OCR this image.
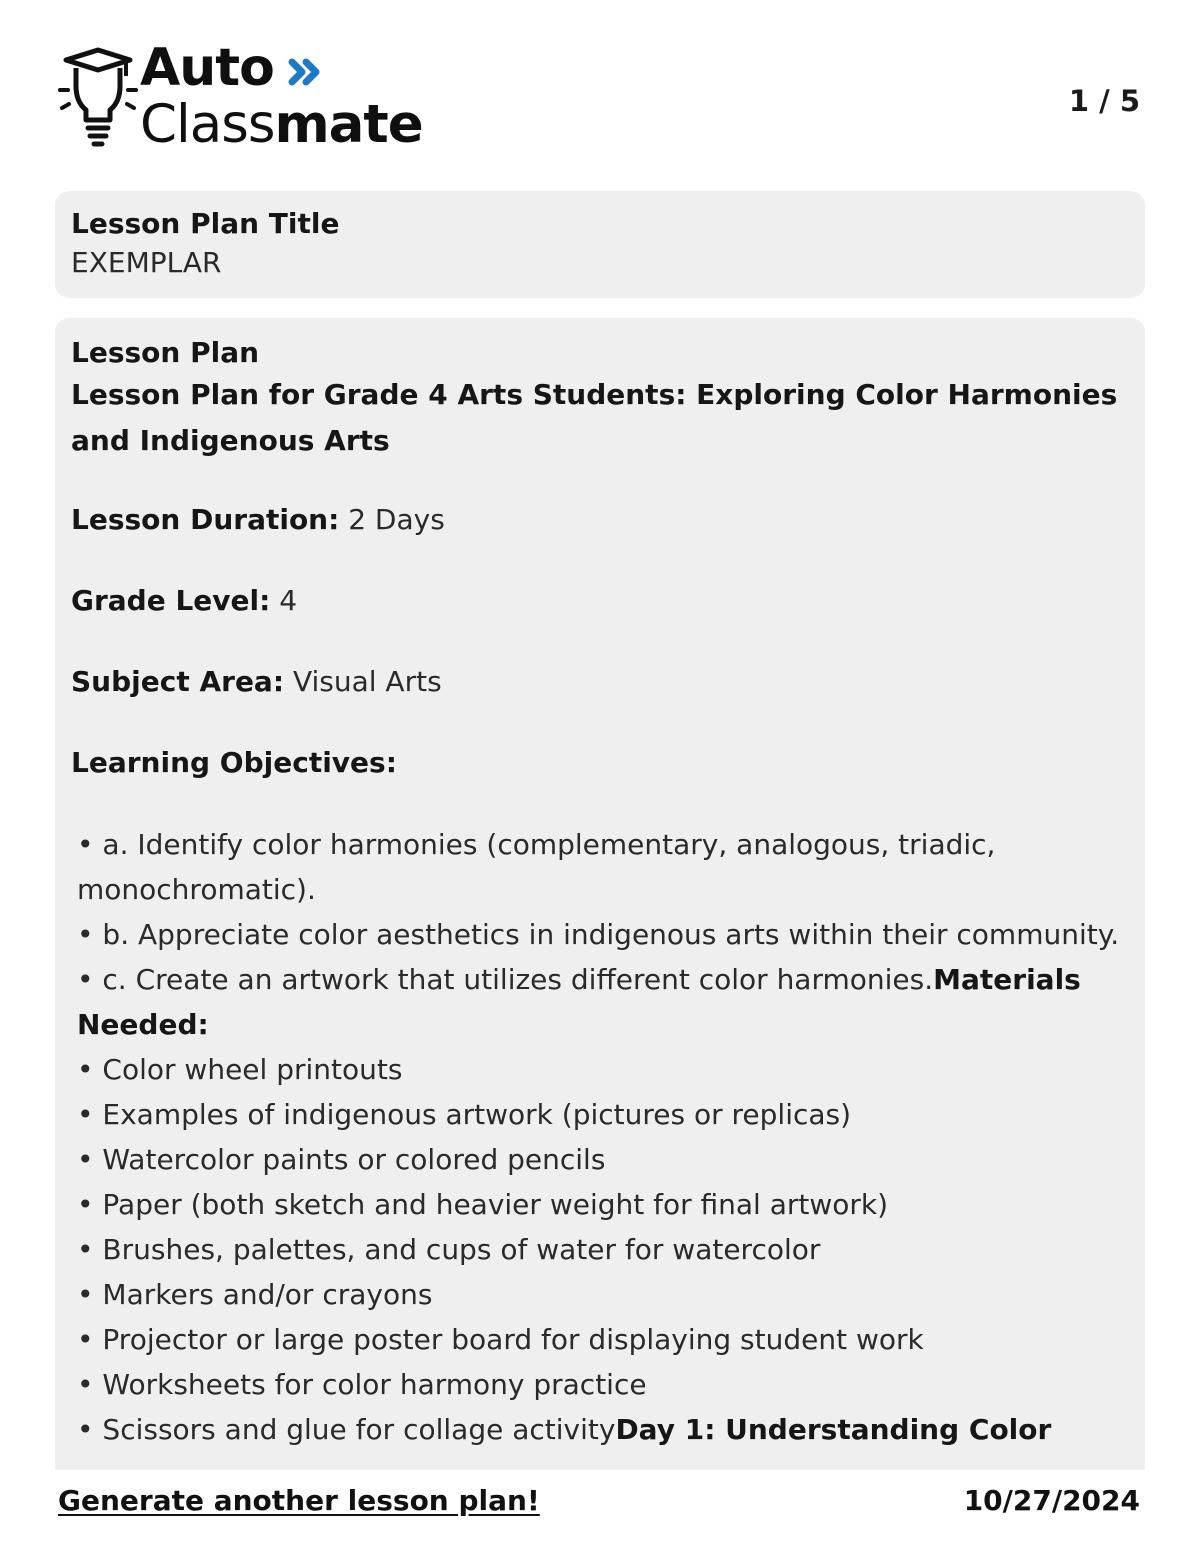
Auto
Classmate	1 / 5
Lesson Plan Title
EXEMPLAR
Lesson Plan
Lesson Plan for Grade 4 Arts Students: Exploring Color Harmonies and Indigenous Arts
Lesson Duration: 2 Days
Grade Level: 4
Subject Area: Visual Arts
Learning Objectives:
• a. Identify color harmonies (complementary, analogous, triadic,
monochromatic).
• b. Appreciate color aesthetics in indigenous arts within their community.
• c. Create an artwork that utilizes different color harmonies.Materials
Needed:
• Color wheel printouts
• Examples of indigenous artwork (pictures or replicas)
• Watercolor paints or colored pencils
• Paper (both sketch and heavier weight for final artwork)
• Brushes, palettes, and cups of water for watercolor
• Markers and/or crayons
• Projector or large poster board for displaying student work
• Worksheets for color harmony practice
• Scissors and glue for collage activityDay 1: Understanding Color
Generate another lesson plan!	10/27/2024
